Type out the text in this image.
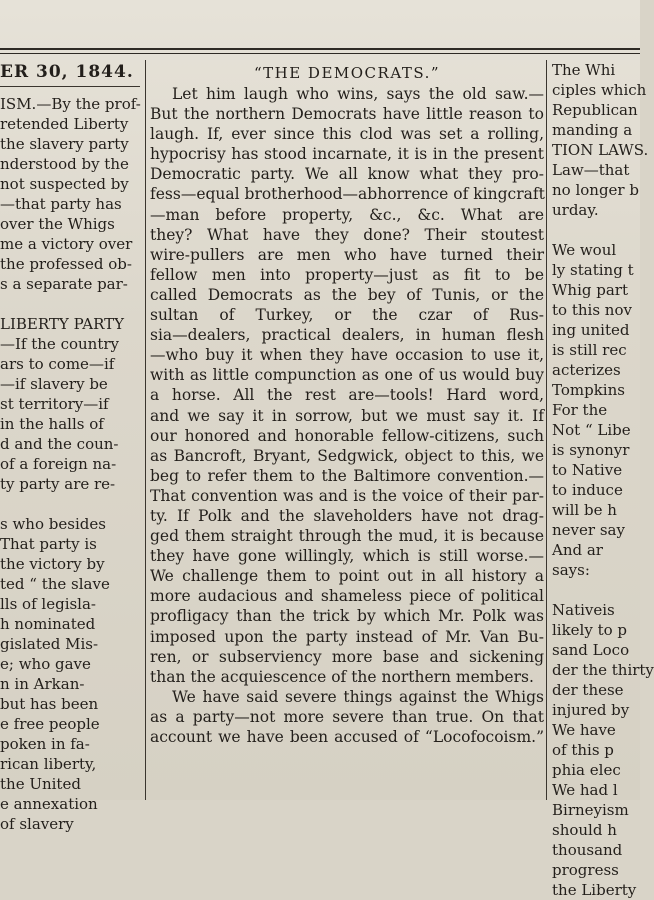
ER 30, 1844.
ISM.—By the prof-
retended Liberty
the slavery party
nderstood by the
not suspected by
—that party has
over the Whigs
me a victory over
the professed ob-
s a separate par-
LIBERTY PARTY
—If the country
ars to come—if
—if slavery be
st territory—if
in the halls of
d and the coun-
of a foreign na-
ty party are re-
s who besides
That party is
the victory by
ted “ the slave
lls of legisla-
h nominated
gislated Mis-
e; who gave
n in Arkan-
but has been
e free people
poken in fa-
rican liberty,
the United
e annexation
of slavery
“THE DEMOCRATS.”
Let him laugh who wins, says the old saw.—
But the northern Democrats have little reason to
laugh. If, ever since this clod was set a rolling,
hypocrisy has stood incarnate, it is in the present
Democratic party. We all know what they pro-
fess—equal brotherhood—abhorrence of kingcraft
—man before property, &c., &c. What are
they? What have they done? Their stoutest
wire-pullers are men who have turned their
fellow men into property—just as fit to be
called Democrats as the bey of Tunis, or the
sultan of Turkey, or the czar of Rus-
sia—dealers, practical dealers, in human flesh
—who buy it when they have occasion to use it,
with as little compunction as one of us would buy
a horse. All the rest are—tools! Hard word,
and we say it in sorrow, but we must say it. If
our honored and honorable fellow-citizens, such
as Bancroft, Bryant, Sedgwick, object to this, we
beg to refer them to the Baltimore convention.—
That convention was and is the voice of their par-
ty. If Polk and the slaveholders have not drag-
ged them straight through the mud, it is because
they have gone willingly, which is still worse.—
We challenge them to point out in all history a
more audacious and shameless piece of political
profligacy than the trick by which Mr. Polk was
imposed upon the party instead of Mr. Van Bu-
ren, or subserviency more base and sickening
than the acquiescence of the northern members.
We have said severe things against the Whigs
as a party—not more severe than true. On that
account we have been accused of “Locofocoism.”
The Whi
ciples which
Republican
manding a
TION LAWS.
Law—that
no longer b
urday.
We woul
ly stating t
Whig part
to this nov
ing united
is still rec
acterizes
Tompkins
For the
Not “ Libe
is synonyr
to Native
to induce
will be h
never say
And ar
says:
Nativeis
likely to p
sand Loco
der the thirty
der these
injured by
We have
of this p
phia elec
We had l
Birneyism
should h
thousand
progress
the Liberty
